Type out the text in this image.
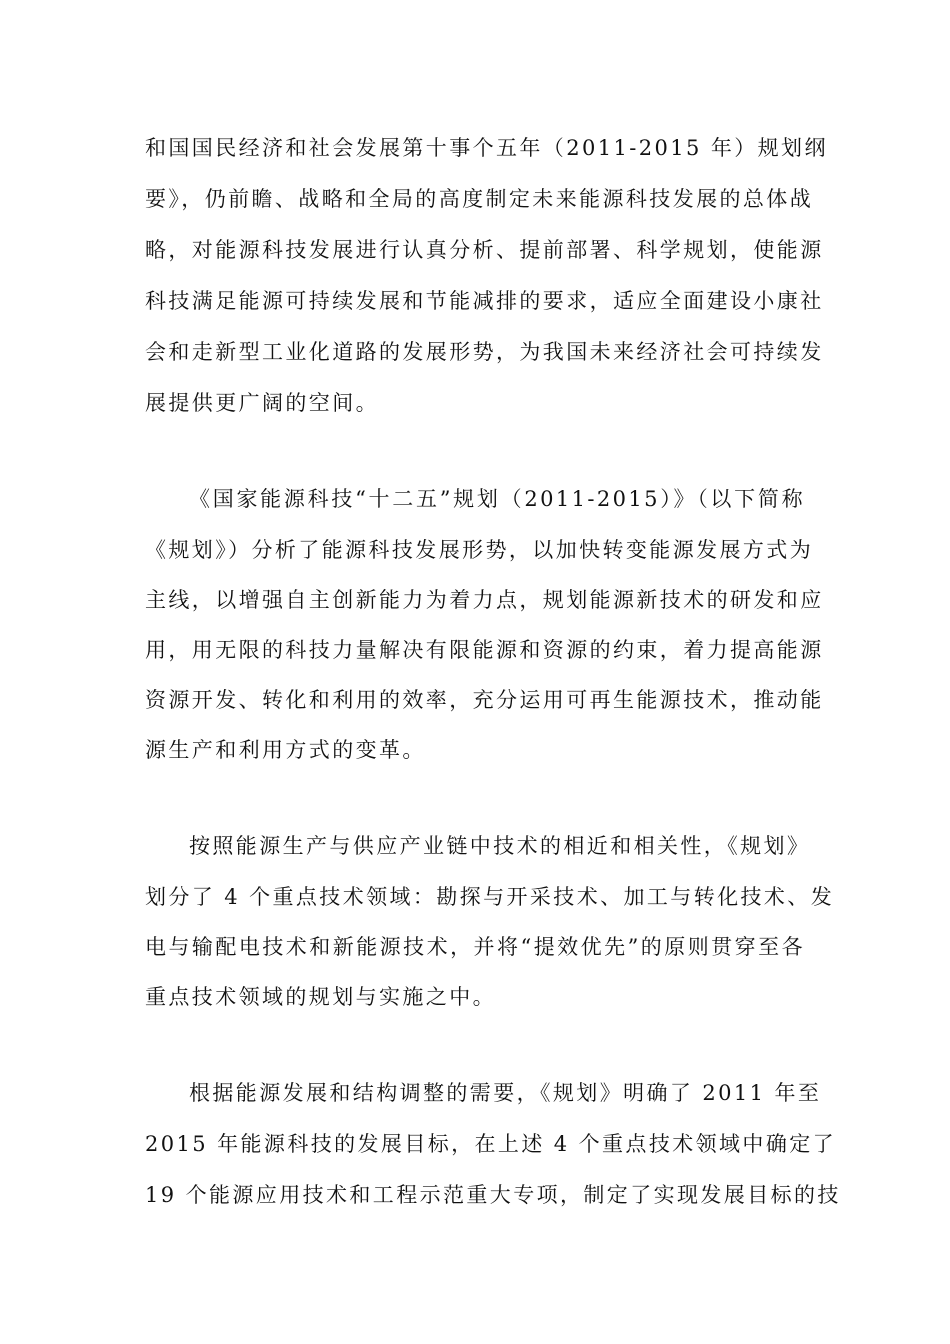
和国国民经济和社会发展第十事个五年（2011-2015 年）规划纲
要》，仍前瞻、战略和全局的高度制定未来能源科技发展的总体战
略，对能源科技发展进行认真分析、提前部署、科学规划，使能源
科技满足能源可持续发展和节能减排的要求，适应全面建设小康社
会和走新型工业化道路的发展形势，为我国未来经济社会可持续发
展提供更广阔的空间。
《国家能源科技“十二五”规划（2011-2015）》（以下简称
《规划》）分析了能源科技发展形势，以加快转变能源发展方式为
主线，以增强自主创新能力为着力点，规划能源新技术的研发和应
用，用无限的科技力量解决有限能源和资源的约束，着力提高能源
资源开发、转化和利用的效率，充分运用可再生能源技术，推动能
源生产和利用方式的变革。
按照能源生产与供应产业链中技术的相近和相关性，《规划》
划分了 4 个重点技术领域：勘探与开采技术、加工与转化技术、发
电与输配电技术和新能源技术，并将“提效优先”的原则贯穿至各
重点技术领域的规划与实施之中。
根据能源发展和结构调整的需要，《规划》明确了 2011 年至
2015 年能源科技的发展目标，在上述 4 个重点技术领域中确定了
19 个能源应用技术和工程示范重大专项，制定了实现发展目标的技
